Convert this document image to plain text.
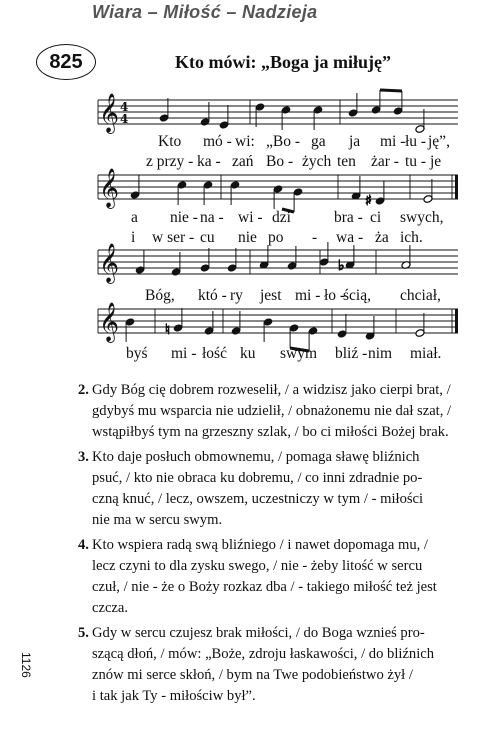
Wiara – Miłość – Nadzieja
825	Kto mówi: „Boga ja miłuję”
♯
♭
♮
𝄞
𝄞
𝄞
𝄞
4
4
Kto mó - wi: „Bo - ga ja mi - łu - ję”,
z przy - ka - zań Bo - żych ten żar - tu - je
a nie - na - wi - dzi	bra - ci swych,
i w ser - cu nie po - wa - ża ich.
Bóg, któ - ry jest mi - ło -
ścią, chciał,
byś mi - łość ku swym bliź - nim miał.
2. Gdy Bóg cię dobrem rozweselił, / a widzisz jako cierpi brat, /
gdybyś mu wsparcia nie udzielił, / obnażonemu nie dał szat, /
wstąpiłbyś tym na grzeszny szlak, / bo ci miłości Bożej brak.
3. Kto daje posłuch obmownemu, / pomaga sławę bliźnich
psuć, / kto nie obraca ku dobremu, / co inni zdradnie po-
czną knuć, / lecz, owszem, uczestniczy w tym / - miłości
nie ma w sercu swym.
4. Kto wspiera radą swą bliźniego / i nawet dopomaga mu, /
lecz czyni to dla zysku swego, / nie - żeby litość w sercu
czuł, / nie - że o Boży rozkaz dba / - takiego miłość też jest
czcza.
5. Gdy w sercu czujesz brak miłości, / do Boga wznieś pro-
szącą dłoń, / mów: „Boże, zdroju łaskawości, / do bliźnich
znów mi serce skłoń, / bym na Twe podobieństwo żył /
i tak jak Ty - miłościw był”.
1126
